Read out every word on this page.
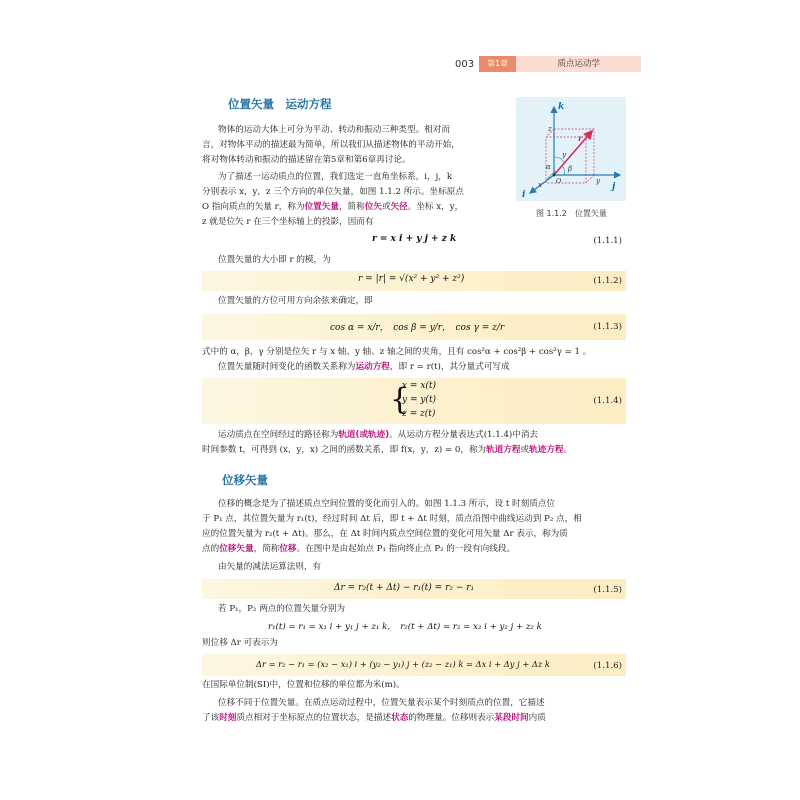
003	第1章	质点运动学
位置矢量　运动方程
物体的运动大体上可分为平动、转动和振动三种类型。相对而
言，对物体平动的描述最为简单，所以我们从描述物体的平动开始，
将对物体转动和振动的描述留在第5章和第6章再讨论。
为了描述一运动质点的位置，我们选定一直角坐标系，i，j，k
分别表示 x，y，z 三个方向的单位矢量，如图 1.1.2 所示。坐标原点
O 指向质点的矢量 r，称为位置矢量，简称位矢或矢径。坐标 x，y，
z 就是位矢 r 在三个坐标轴上的投影，因而有
r = x i + y j + z k	(1.1.1)
位置矢量的大小即 r 的模，为
r = |r| = √(x² + y² + z²)	(1.1.2)
位置矢量的方位可用方向余弦来确定，即
cos α = x/r，　cos β = y/r，　cos γ = z/r	(1.1.3)
式中的 α，β，γ 分别是位矢 r 与 x 轴、y 轴、z 轴之间的夹角，且有 cos²α + cos²β + cos²γ = 1 。
位置矢量随时间变化的函数关系称为运动方程，即 r = r(t)，其分量式可写成
{
x = x(t)
y = y(t)
z = z(t)
(1.1.4)
运动质点在空间经过的路径称为轨道(或轨迹)。从运动方程分量表达式(1.1.4)中消去
时间参数 t，可得到 (x，y，x) 之间的函数关系，即 f(x，y，z) = 0，称为轨道方程或轨迹方程。
位移矢量
位移的概念是为了描述质点空间位置的变化而引入的。如图 1.1.3 所示，设 t 时刻质点位
于 P₁ 点，其位置矢量为 r₁(t)，经过时间 Δt 后，即 t + Δt 时刻，质点沿图中曲线运动到 P₂ 点，相
应的位置矢量为 r₂(t + Δt)。那么，在 Δt 时间内质点空间位置的变化可用矢量 Δr 表示，称为质
点的位移矢量，简称位移。在图中是由起始点 P₁ 指向终止点 P₂ 的一段有向线段。
由矢量的减法运算法则，有
Δr = r₂(t + Δt) − r₁(t) = r₂ − r₁	(1.1.5)
若 P₁，P₂ 两点的位置矢量分别为
r₁(t) = r₁ = x₁ i + y₁ j + z₁ k，　r₂(t + Δt) = r₂ = x₂ i + y₂ j + z₂ k
则位移 Δr 可表示为
Δr = r₂ − r₁ = (x₂ − x₁) i + (y₂ − y₁) j + (z₂ − z₁) k = Δx i + Δy j + Δz k	(1.1.6)
在国际单位制(SI)中，位置和位移的单位都为米(m)。
位移不同于位置矢量。在质点运动过程中，位置矢量表示某个时刻质点的位置，它描述
了该时刻质点相对于坐标原点的位置状态，是描述状态的物理量。位移则表示某段时间内质
k
j
i
r
z
y
x
γ
α β
O
图 1.1.2　位置矢量
